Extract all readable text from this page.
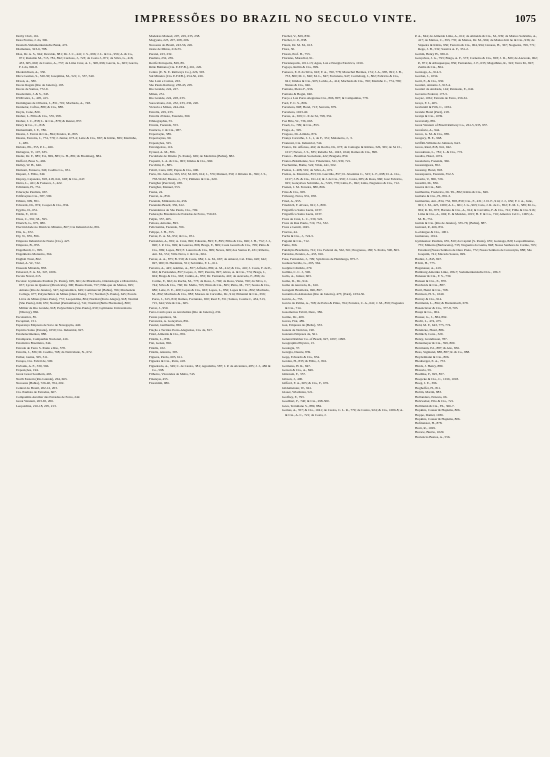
IMPRESSÕES DO BRAZIL NO SECULO VINTE.	1075
Derby Club, 161.
Desa Freitas, J. da, 306.
Deutsch-Südamerikanische Bank, 472.
Diamantes, 323-6, 788.
Dias, Dr. A. S., 944; Devaldo, 881; Dr. J. C., 441; J. S., 696; J. L. & Ca., 956; A. & Ca., 971; Ronaldo M., 715, 781, 892; Cardoso, J., 723; da Costa J., 871; da Silva, G., 418, 433, 605, 660; de Castro, A., 757; de Lima Cruz, A. J., 368, 696; Garcia, G., 603; Garcia, F. Lda, 996-8.
Diederichsen, A., 330.
Dirce Gomes, S., 520-30; Josephina, M., 521; J., 537, 540.
Dixon, A., 380.
Docas Ragais (Rio de Janeiro), 193.
Docas de Santos, 772-9.
Doederlein, J. & S., 345.
D'Oliveira, L., 405, 415.
Domingues de Oliveira, J., 851, 701; Machado, A., 748.
Donnolar, Caflos, 889; & Cia., 888.
Doyle, Cone, 820.
Dreher, L. Filho & Cia., 555, 958.
Dreher, J. C., 858; L. & Cia., 878; & Reuter, 857.
Drury & Co., C., 818.
Dumermuth, J. F., 786.
Duarte, J. Ferraz & Cia., 894; Pereira, R., 893.
Duarte, Ferreira, J., 774, 779; J. Junior, 673-4; Leite & Cia., 867; & Irmão, 865; Martinho, J., 489.
Dubois, Ph., 355, P. L., 466.
Dubugras, V., 107, 635.
Dudar, Dr. F., 885; Ed., 869, 883; G. H., 881; & Bromberg, 884.
Dufford, Bose S., 466.
Dulley, W. H., 646.
Dumont, Fonseca, 346; Coelho Co., 931.
Dupont, J. Filho, 349.
Dupray, Cajazeiro, 818, 418, 641, 648; & Cia., 647.
Dutra, L., 421; & Fonseca, J., 422.
Echmann, H., 751.
Educação Paulista, 667.
Edificações Cia., 587, 590.
Eihlers, 999, 851.
Edwards, Dr., 874; Cooper & Cia., 834.
Egydio, D., 651.
Eiklia, F., 1019.
Elsas, C., 591; M., 595.
Elterich, G., 975, 980.
Electricidade no Districto Mineiro, 867; Cia Industrial de, 891.
Elis, G., 672.
Ely, N., 855, 856.
Empreza Industrial de Norte (Cia.), 427.
Empreza, B., 855.
Engelhardt, C., 895.
Engenheiro Monteiro, 364.
English Trust, 862.
Ennal, A. W., 722.
Enseada Miranda, 858.
Esberard, F. A. M., 347, 1006.
Escola Naval, 215.
Escolas: Gymnasio Paulista (S. Paulo), 695, 661; de Pharmacia, Odontologia e Obstetricia, 657; Lyceu de Queiroz (Piracicaba), 300; Bueno Paula, 757; Nhú-que de Mattos, 695; Amano (Rio de Janeiro), 347; Agronomica, 649; Commercial (Bahia), 766; Mackenzie College, 677; Polytechnica de Minas (Ouro Preto), 771; Normal (S. Paulo), 645; Escola Livre de Minas (Ouro Preto), 772; Leopoldina, 804; Normal (Porto Alegre), 918; Normal (São Paulo), 649, 655; Normal (Pernambuco), 741; Normal (Bello Horizonte), 800; Militar de Rio Grande, 918; Polytechnica (São Paulo), 650; Gymnasio Universitario (Niteroy), 866.
Escolastica, 85.
Escopinel, 151.
Esperança Empreza de Sal e de Navegação, 440.
Espirito Santo (Estado), 1050; Cia. Industrial, 927.
Estabelecimentos, 888.
Estamparia, Companhia Nacional, 416.
Estatística Brazileira, 344.
Estrada de Ferro S. Paulo e Rio, 578.
Estrella, J., 836; M. Coelho, 768; da Natividade, N., 672.
Esther, Guina, 305, 311.
Europa, Cia. Fabril de, 500.
Ewbank, A. F., 330, 566.
Exposições, 194.
Great Great Southern, 465.
North Eastern (Rio Grande), 264, 663.
Noroeste (Bahia), 726-40, 704, 202.
Central do Brazil, 202-12, 203.
Cia. Paulista de Estradas, 667.
Companhia Auxiliar das Estradas de Ferro, 242.
Great Western, 263-65, 206.
Leopoldina, 216-18, 205, 213.
Madeiras Manoel, 207, 229, 235, 238.
Mogyana, 223, 207, 208, 206.
Noroeste do Brazil, 243-56, 226.
Oeste de Minas, 216-55.
Paraná, 223, 232.
Paulista, 232, 239.
Recife Petropolis, 829, 89.
Rêde Bahiana (Cia. E.F.F.B.), 261, 226.
Centro (E. N. E. Railways Co.), 226, 303.
Sul Mineira (Cia. E.F.P.B.), 254-56, 226.
São Luiz e Caxias, 263.
São Paulo Railway, 238-43, 205.
Rio Grande, 224, 227.
Minas, 251.
Rio Grande, 224, 228, 233.
Sorocabana, 241, 232, 233, 236, 220.
Victoria a Minas, 244-244.
Estrella, 229, 233.
Estrella d'Oeste, Fazenda, 360.
Ethnographia, 55.
Etruria, Fazenda, 353.
Eustácio, J. & Cia., 987.
Exportação, 389.
Exportações, 90.
Exposições, 325.
Estrangeiros, 116.
Eyraud, A. M., 856.
Faculdade de Direito (S. Paulo), 669; de Medicina (Bahia), 882.
Faquetti, L. A. & Cia., 963; Irmãos & Cia., 960.
Facchini, E., 885.
Fabril, Cana, 605; Papas & Cia., 690.
Faria, Dr. João de, 563, 631; M. 603, 614; J., 576; Manuel, 350; J. Ribeiro R., 396; J. S., 758-59-62; Bastos, J., 771; Pinheiro & Cia., 620.
Farnghar (Percival), 188.
Farnghar, Manuel, 553.
Fauna, 24.
Fauvet, A., 859.
Fazenda, Ministerio da, 456.
Fazendas Brazil, 336, 612.
Fazendeiros de São Paulo, Cia., 769.
Federação Brasileira de Estradas de Ferro, 750-63.
Feijão, 357, 405.
Feitosa, Antonio, 893.
Felicissima, Fazenda, 356.
Felippe, J. H., 355.
Ferraz, E. A. M., 951; & Co., 951.
Fernandes, A., 891; A. Cruz, 996; Eduardo, 893; F., 895; Filho & Cia., 696; J. H., 752; J. J., 690; J. P. Cia., 849; & Gouvea, 806; Braga, F., 869; Costa Gouvêa & Cia., 709; Pinto & Cia., 869; Lopes, 893; F. Loureiro & Cia., 809; Neves, 669; dos Santos P., 431; Ribeiro, Ant. M., 551; Villa Nova, J. & Cia., 604.
Ferraz, A. A., 875; B. 559; & Costa, 984; J. A. M., 667; de Amaral, Cel. Elias, 620; 642; 697, 900; D. Herminia, 551; Sobrinho, F. L., 611.
Ferreira, A., 445; Adelino, A., 857; Alfredo, 884; A. M., 412; & Cia., 416; J. Costa, F. de P., 662; & Fernandes, 857; Lopes, J., 897; Pereira, 997; Alves, A. & Cia., 774; Braga, J., 604; Braga & Cia., 963; Cunha, A., 855; Dr. Fernando, 410; de Azevedo, F., 896; do Carmo, F., 662; da Rocha, M., 773; da Rosa, J., 760; de Rosa, Viana, 760; da Silva, J., 744; Silva & Cia., 760; Dr. Mello, 765; Pinto & Cia., 865; Pinto, M., 757; Souza & Cia., 686; Leite, E. E., 400; Lopes & Cia., 663; Lopes, L., 856; Lopes & Cia., 802; Machado, M., 892; Machado & Cia., 883; Moraes de Carvalho, Dr., 914; Pimentel & Cia., 656; Porto, J., 615, 819; Ramos, Fortunato, 650; Real F., 351; Santos, Cosme J., 434, 513, 715, 644; Vale & Cia., 605.
Ferrer, J., 950.
Ferro-Carris para os Arrabaldes (Rio de Janeiro), 232.
Festas populares, 34.
Ferrereira, A. Gonçalves, 891.
Feuriel, Guilherme, 865.
Fiação e Tecidos Porto-Alegrense, Cia. de, 817.
Fidel, Almeida & Cia., 891.
Fidelis, L., 836.
Fiat, Genaz, 802.
Fidelis, 102.
Fidelis, Antonio, 395.
Figuera, Pardo, 603, 611.
Figueira & Cia., Paris, 418.
Figueiredo, A., 349; C. de Castro, 381; Agostinho, 587; J. P. de Alcantara, 485; J. J., 486 & Co., 598.
Filhoiro, Viscondes de Malta, 743.
Finanças, 455.
Fiorentini, 986.
Fischel, V., 829, 839.
Fischer, C. P., 838.
Flautz, Dr. M. M., 613.
Flora, 30.
Floren, Prof. B., 753.
Floriano, Marechal, 91.
Florianopolis, 1011-13; Agua, Luz e Energia Electrica, 1016.
Fogaça, Rollin & Cia., 899.
Fonseca, E. P. da Silva, 943; F. A., 760, 778; Marechal Hermes, 174; J. A., 985, 991; J. B., 753, 800; M. J., 840; M. L., 847; Fortunato, 947; Cortlebaig, J., 802; Fabrício & Cia., 941; Irmãos & Cia., 905; Lobão, A., 414; Machado & Cia., 760; Marinho C., 774, 780; Nunes & Cia., 946.
Fontana, Pietro F., 936.
Fontana & Bogui, 940.
Forço a Luz Porto Alegrense Cia., 866, 807; & Campanhas, 778.
Ford, F. C. S., 806.
Fortaleza, 998; Hotel, 713; Serraria, 879.
Fortaleza, 1023-40.
Fortes, A., 659; C. P. de Sá, 798, 352.
Foz Bilo, W., 736, 663.
Fraeb, G., 709; & Cia., 853.
Fraga, A., 395.
Fragoso, Dr. Arlindo, 874.
França Carvalho, J. J., 1, de F., 331; Malanotto, J., 3.
Franzoni, Cia. Industrial, 744.
Franco, Dr. Affonso, 462; da Rocha, Dr., 673; de Cantagio & Irmãos, 326, 365; de Sá Cl., 1017; Neves, J. S., 835; Rebello M., 1043, 1044; Ramos & Cia., 898.
Franco - Brazilian Sociedade, 422; Brugada, 859.
Franco-Brésilienne, Soc. Financière, 521, 930, 721.
Frechetime, Bathe, 524; Vilde, 441, 502.
Freitas, L. 408, 591; da Silva, A., 672.
Freitas, A. Mauricio, 853; Dr. Garcilão, 857; D. Juventina C., 523; L. F., 698; D. A. Cia., 1017; J. B. & Cia., 911-12; & J. de Cia., 950; J. Costa, 685; & Rosa, 960; José Fabricio, 925; Gonçalves Sobrinho, A., 7225, 778; Lima, E., 692; Lima, Negreiros & Cia., 712.
Frenen, J. M. Ferreira, 880, 866.
Frias & Cia., 905.
Fribourg, Nova, 931, 958.
Fried, A., 955.
Friedrich, F. Alvaro, 921; J., 809.
Frigorífico Santa Luzia, 1037.
Frigorífico Santa Luzia, 1037.
Frota de Cruz, L. C., 539, 522.
Frota da Rua Paulo, 719, 751, 532.
Frota e Gentil, 1045.
Fructas, 44.
Fuchs & Cia., J., 724-5.
Fuganti & Cia., 712.
Fumo, 366.
Fundição Brazileira, 741; Cia. Federal de, 562, 561; Progresso, 180; S. Pedro, 590, 863.
Furtados, Pereira, A., 433, 916.
Fuse, Fernandes, J., 709; Syndicato de Hamburgo, 875-7.
Gaduau Sertão, G., 295, 364.
Gadjére Cândido, 279.
Gallina, C. C. J., 590.
Gallo, A., Junior, 603.
Gama, D., Dr., 914.
Gama da Azevedo, R., 616.
Garagem Brazileira, 696, 897.
Garantia da Amazonas (Rio de Janeiro), 475; (Pará), 1034-36.
Garcia, A., 755.
Garcia da Palma, A., 768; de Paiva & Pinto, 764; Ferreira, C. A., 641; J. M., 859; Nogueira & Cia., 714.
Gasometros Fabril, Dest., 386.
Gatino, Dr., 409.
Gavea, Fiat, 489.
Gaz, Empreza de (Bello), 333.
Gazeta de Noticias, 190.
Gazzena Empreza de, 561.
General Rubber Co. of Brazil, 927, 1097, 1098.
Geographia Physica, 13.
Geologia, 37.
Geórgia, Duarte, 839.
Gepp, Edwards & Cia., 834.
Gerdau, H., 833; & Filho, J., 816.
Germano, H. R., 847.
Gerson & Cia., A., 849.
Ghizzoni, F., 357.
Gibson, J., 400.
Gifford, F. A., 605; & Cia., F., 676.
Gildemeister, W., 941.
Glaser, Wladislau, 521.
Godfrey, F., 793.
Goedhart, F., 740; & Cia., 298-300.
Góes, Tertuliano S., 889, 884.
Gomes, A., 357; & Cia., 1041; de Castro, C. L. R., 779; de Castro, 924; & Cia., 1006-8; A. & Cia., A. C., 721; da Costa, J.
P. A., 844; de Almeida Lima, A., 612; de Almeida & Cia., M., 939; da Mattos Sobrinho, A., 417; de Mattos, C., 393, 735; de Mattos, Dr. M., 994; de Mattos Irm ão & Cia., 936; de Siqueira & Irmão, 936; Ferreira & Cia., 964, 994; Linares, H., 367; Nogueira, 769, 771; Rego, J. B., 532; Saraiva A. F., 331-2.
Gomm, Henry H., 965-6.
Gonçalves, J. G., 793; Braga, A. F., 573; Carneiro & Cia., 803; J. D., 829; de Azevedo, 962; P., 871; & Albuquerque, 856; Fernandes, J. F., 633; Magalhães, R., 322; Terra M., 847; Zenha & Cia., 804.
Gonzaga, A., 914-5.
Gordon, J., 1034.
Gotti, F., & Cia., 930.
Goulart, Antonio J., 913-4.
Goulart de Andrade, 144; Penteado, E., 642.
Governo Federal, 173-5.
Goyaz, 1061; Estrada de Ferro, 256-61.
Graça, F. J., 405.
Grabstahl & Filh, C., 1034.
Grande Hotel (Pará), 218.
Granja & Cia., 1039.
Gravatahy, 881.
Great Western of Brazil Railway Co., 261-5, 935, 937.
Greaforte, A., 944.
Greco, G. M. & Cia., 885.
Gregory, H. E., 968.
Griffith-Wilkins de Johnson, 9A3.
Gross, Raul, 818, 941, 942.
Grossklaus, L., 781; L. & Cia., 772.
Guaiba, Hotel, 1074.
Guanabara, Fazenda, 366.
Guaraniguara, 852.
Guarany, Hotel, 818.
Guarapuava, Fazenda, 352-5.
Guarda, V., 806, 726.
Guardiã, M., 836.
Guerra & Cia., 840.
Guilherme, Frederico, Dr. Th., 882; Irmão & Cia., 849.
Guilarte & Cia., H., 891-3.
Guimarães, Ant., 834, 752, 858, 859; Cia., F., 431; J. D. F., 914; J. J., 656; F. J. A., Junr., 901; J. M., 425, 1000; A. L., 601; J. G., 963; Caio, J. R. de C., 852; E. M. J., 589; M. G., 904; R. M., 873; Barreto & Cia., A., 914; & Carvalho, F. & Cia., 741; Filho & Cia. 916; Lima & Cia., A., 604; E. & Mendes, 1015; B. F. & Co., 716; America Cel C., 1065; A. M. B., 751.
Guinle & Cia. (Rio de Janeiro), 335-76; (Bahia), 887.
Guiraud, P., 466, 831.
G-eldergee & Cia., 1001.
Gumaraes, 1914.
Gymnasios: Paulista, 655, 810; da Capital (S. Paulo), 655; Gonzaga, 820; Leopoldinense, 755; Minerio (Barbacena), 733; Nogueira da Gama, 848; Nossa Senhora do Carmo, 765; Estadual (Nossa Senhora de Ouro Preto, 772; Nossa Senhora de Conceição, 888; São Joaquim, 741; Macedo Soares, 699.
Hadler, J., 845, 847.
H Irm, H., 775.
Hagenauer, A., 419.
Hamburg Amerika Linie, 186-7; Sudamerikanische D.G., 186-7.
Hanauer & Cia., F. S., 739.
Hansen & Cia., E., 870.
Hardwick & Cia., 887.
Hartl, Henri & Cia., 768.
Harrison, H. S., 1040.
Harvey & Cia., 914.
Hartmann, L., 894; & Breitenbach, 678.
Hasenclever & Cia., 377-8, 703.
Haupt & Co., 904.
Hauser, G., J., 884, 892.
Hecht, L., 474, 475.
Held, M. F., 643, 775, 774.
Hennicke, Hotel, 886.
Helmich, Cons., 329.
Henry, Grandisson, 787.
Hentemeyer & Cia., 399, 800.
Herrmann, Ed., 887; & Ant., 836.
Hess, Sigmund, 888, 887; R. & Co., 888.
Heydelmann & Cia., 806.
Hieuberger, E. A., 753.
Hinds, J. Henry, 880.
Historia, 59.
Hoehlke, F., 825, 857.
Hoepcke & Cia., C., 1016, 1018.
Hoeg, J. E., 396.
Hoghoffer, H., 811.
Holtin, Martin, 883.
Hollanders, Ernesto, 66.
Holzweber, Ello & Cia., 721.
Hollmann & Cia., Fh., 366-7.
Hopkins, Causer & Hopkins, 806.
Hoppe, Daniel, 1036.
Hopkins, Causer & Hopkins, 806.
Hofmeister, H., 878.
Horn, R., 1029.
Horace, Burrio, 1029.
Hortencio Bastos, A., 556.
